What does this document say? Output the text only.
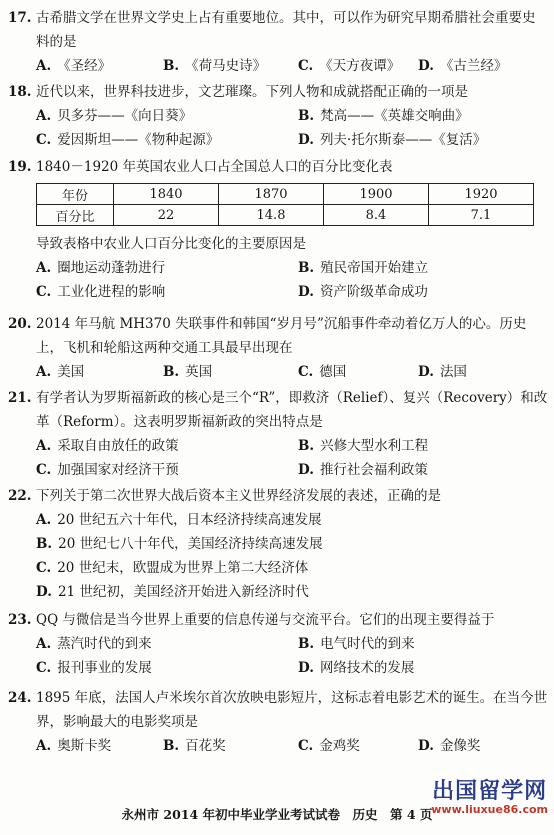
17. 古希腊文学在世界文学史上占有重要地位。其中，可以作为研究早期希腊社会重要史
料的是
A. 《圣经》	B. 《荷马史诗》 C. 《天方夜谭》 D. 《古兰经》
18. 近代以来，世界科技进步，文艺璀璨。下列人物和成就搭配正确的一项是
A. 贝多芬——《向日葵》	B. 梵高——《英雄交响曲》
C. 爱因斯坦——《物种起源》	D. 列夫·托尔斯泰——《复活》
19. 1840－1920 年英国农业人口占全国总人口的百分比变化表
年份	1840	1870	1900	1920
百分比	22	14.8	8.4	7.1
导致表格中农业人口百分比变化的主要原因是
A. 圈地运动蓬勃进行	B. 殖民帝国开始建立
C. 工业化进程的影响	D. 资产阶级革命成功
20. 2014 年马航 MH370 失联事件和韩国“岁月号”沉船事件牵动着亿万人的心。历史
上，飞机和轮船这两种交通工具最早出现在
A. 美国	B. 英国	C. 德国	D. 法国
21. 有学者认为罗斯福新政的核心是三个“R”，即救济（Relief）、复兴（Recovery）和改
革（Reform）。这表明罗斯福新政的突出特点是
A. 采取自由放任的政策	B. 兴修大型水利工程
C. 加强国家对经济干预	D. 推行社会福利政策
22. 下列关于第二次世界大战后资本主义世界经济发展的表述，正确的是
A. 20 世纪五六十年代，日本经济持续高速发展
B. 20 世纪七八十年代，美国经济持续高速发展
C. 20 世纪末，欧盟成为世界上第二大经济体
D. 21 世纪初，美国经济开始进入新经济时代
23. QQ 与微信是当今世界上重要的信息传递与交流平台。它们的出现主要得益于
A. 蒸汽时代的到来	B. 电气时代的到来
C. 报刊事业的发展	D. 网络技术的发展
24. 1895 年底，法国人卢米埃尔首次放映电影短片，这标志着电影艺术的诞生。在当今世
界，影响最大的电影奖项是
A. 奥斯卡奖	B. 百花奖	C. 金鸡奖	D. 金像奖
出国留学网
www.liuxue86.com
永州市 2014 年初中毕业学业考试试卷　历史　第 4 页
